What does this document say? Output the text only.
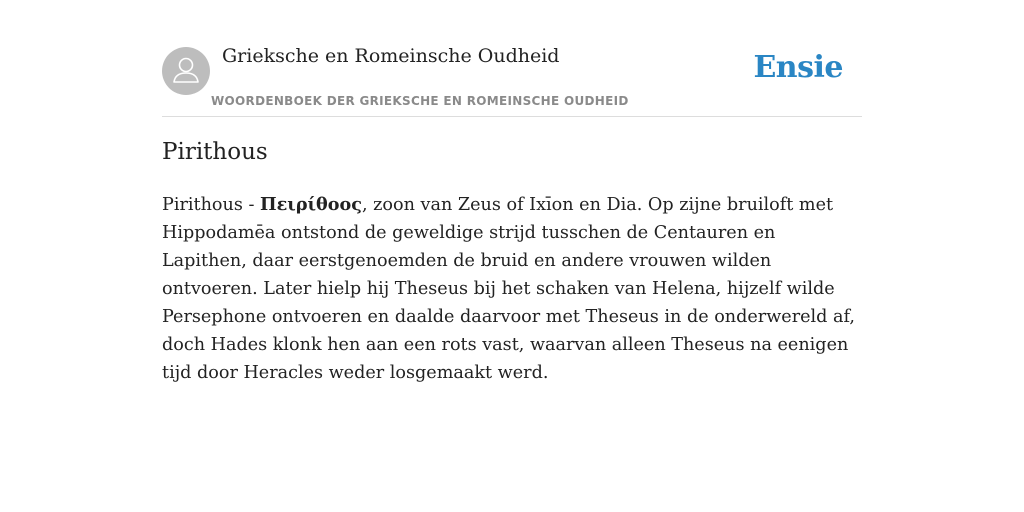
Grieksche en Romeinsche Oudheid
WOORDENBOEK DER GRIEKSCHE EN ROMEINSCHE OUDHEID
Ensie
Pirithous

Pirithous - Πειρίθοος, zoon van Zeus of Ixīon en Dia. Op zijne bruiloft met Hippodamēa ontstond de geweldige strijd tusschen de Centauren en Lapithen, daar eerstgenoemden de bruid en andere vrouwen wilden ontvoeren. Later hielp hij Theseus bij het schaken van Helena, hijzelf wilde Persephone ontvoeren en daalde daarvoor met Theseus in de onderwereld af, doch Hades klonk hen aan een rots vast, waarvan alleen Theseus na eenigen tijd door Heracles weder losgemaakt werd.
